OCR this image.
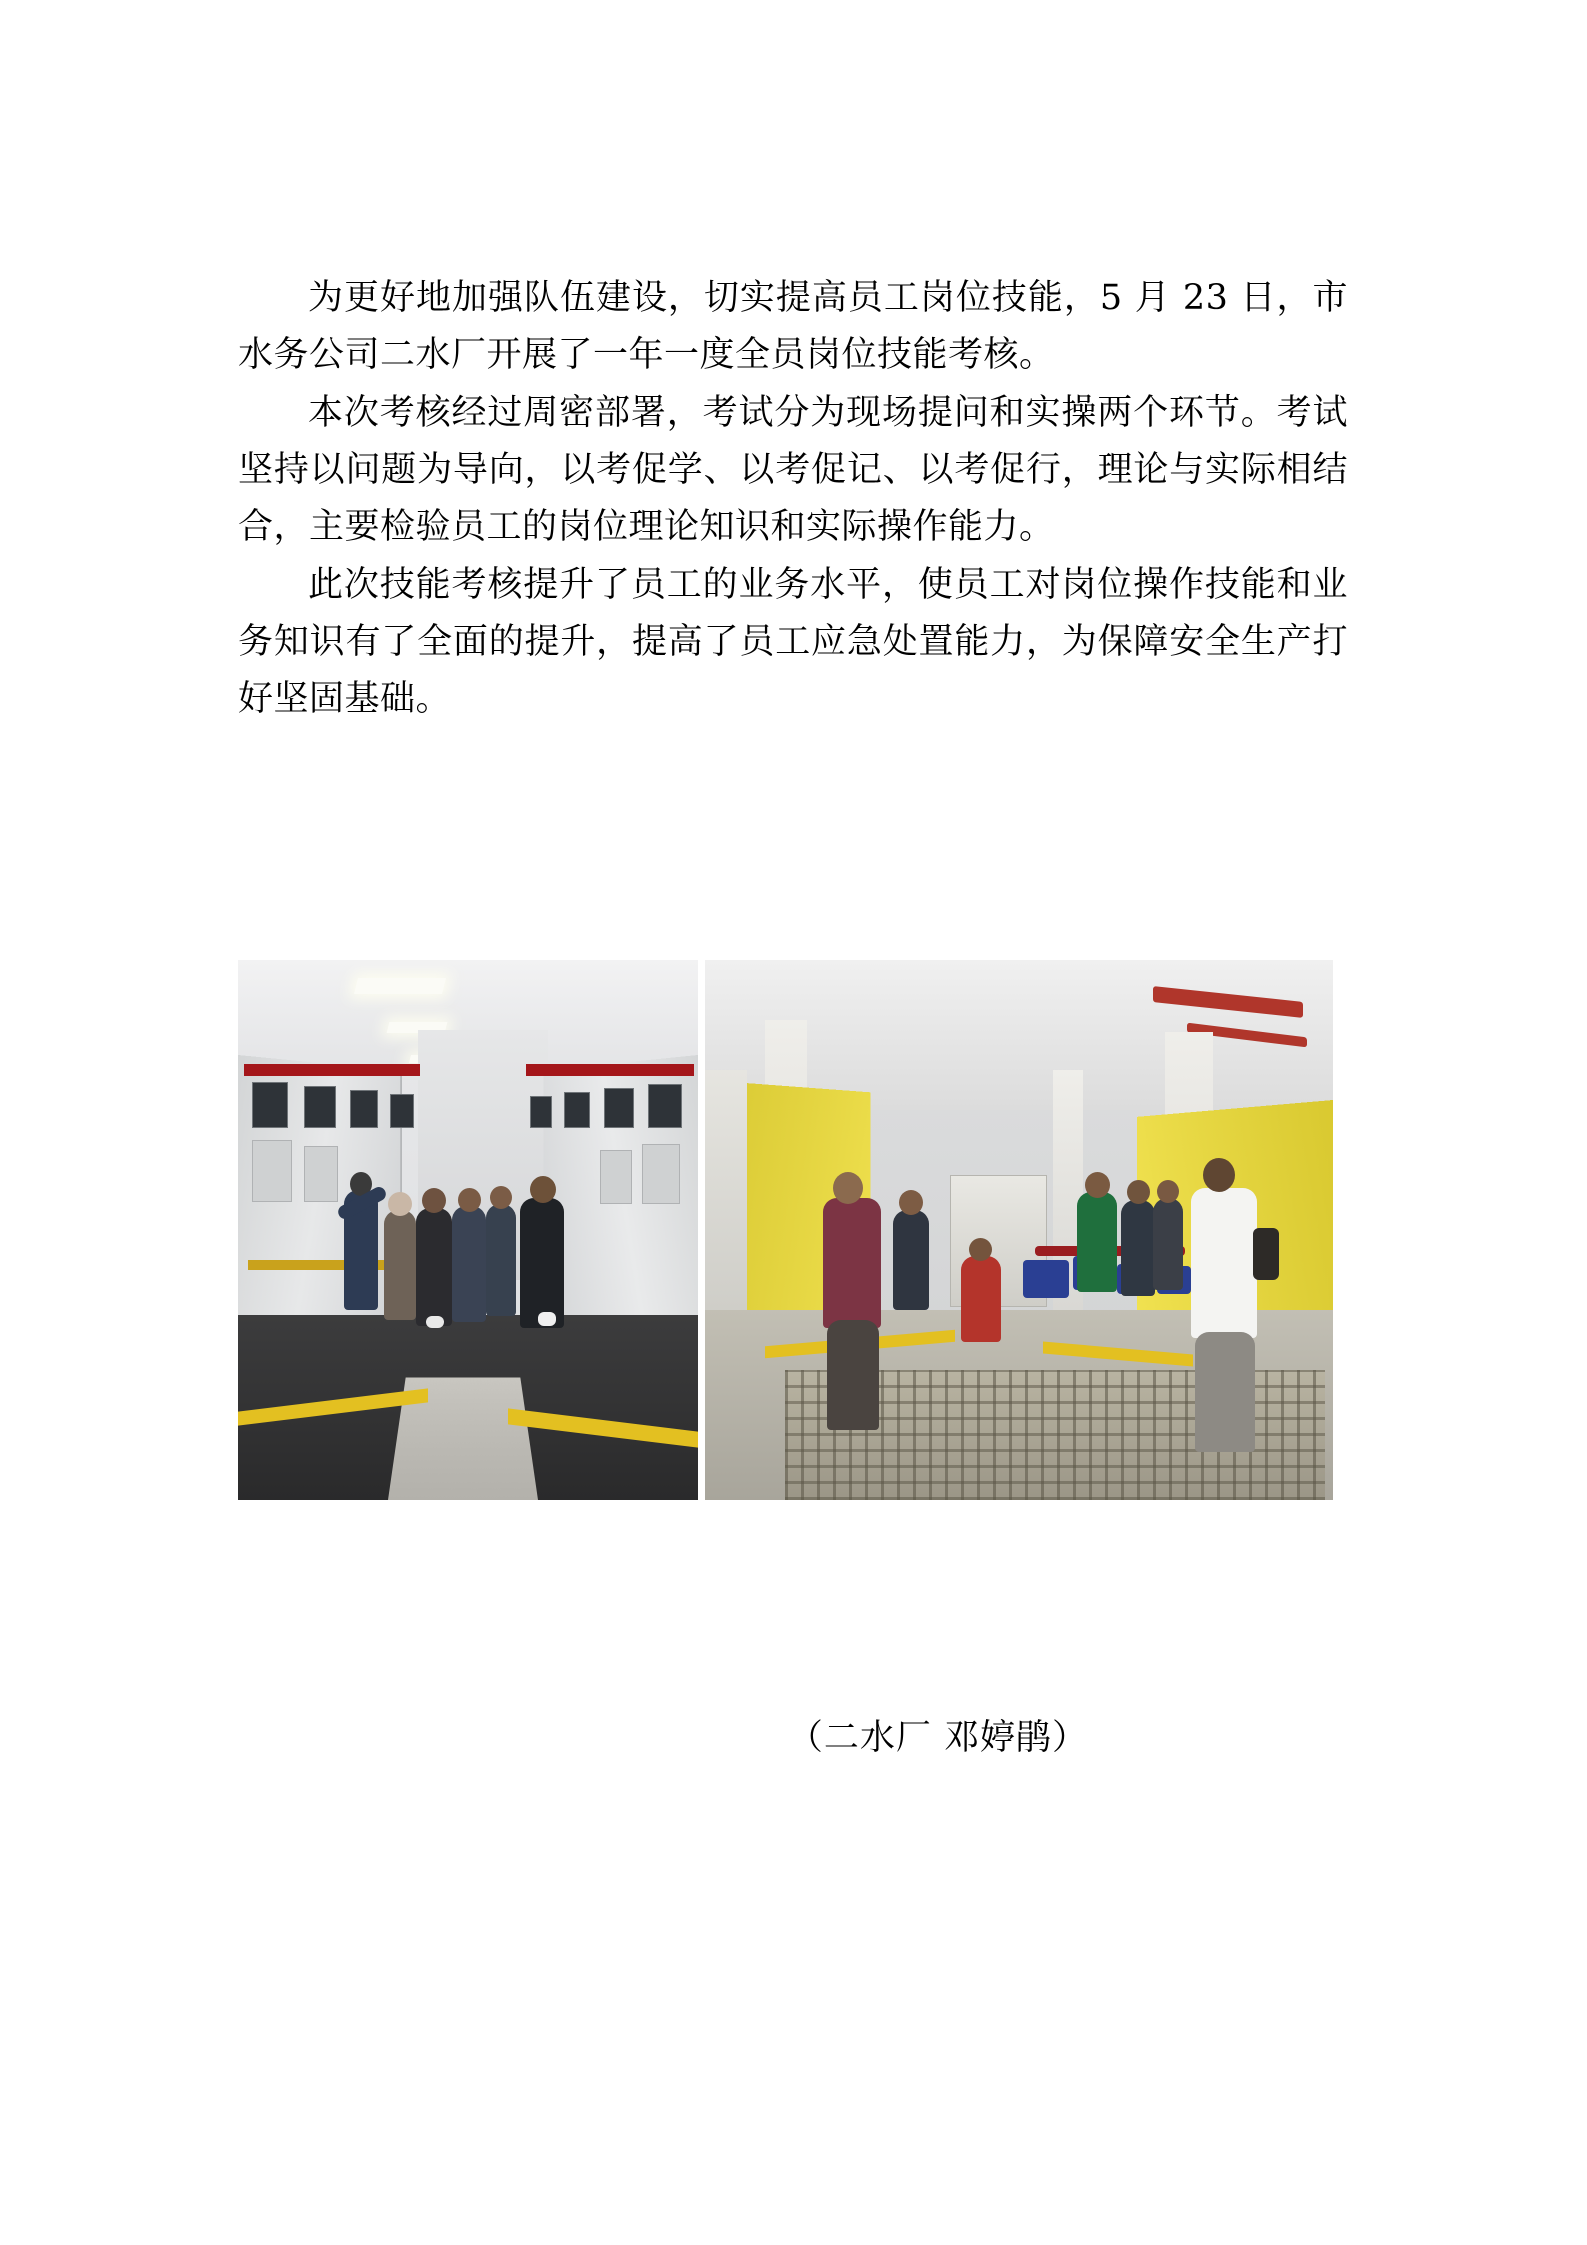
为更好地加强队伍建设，切实提高员工岗位技能，5 月 23 日，市水务公司二水厂开展了一年一度全员岗位技能考核。

本次考核经过周密部署，考试分为现场提问和实操两个环节。考试坚持以问题为导向，以考促学、以考促记、以考促行，理论与实际相结合，主要检验员工的岗位理论知识和实际操作能力。

此次技能考核提升了员工的业务水平，使员工对岗位操作技能和业务知识有了全面的提升，提高了员工应急处置能力，为保障安全生产打好坚固基础。

（二水厂 邓婷鹃）
